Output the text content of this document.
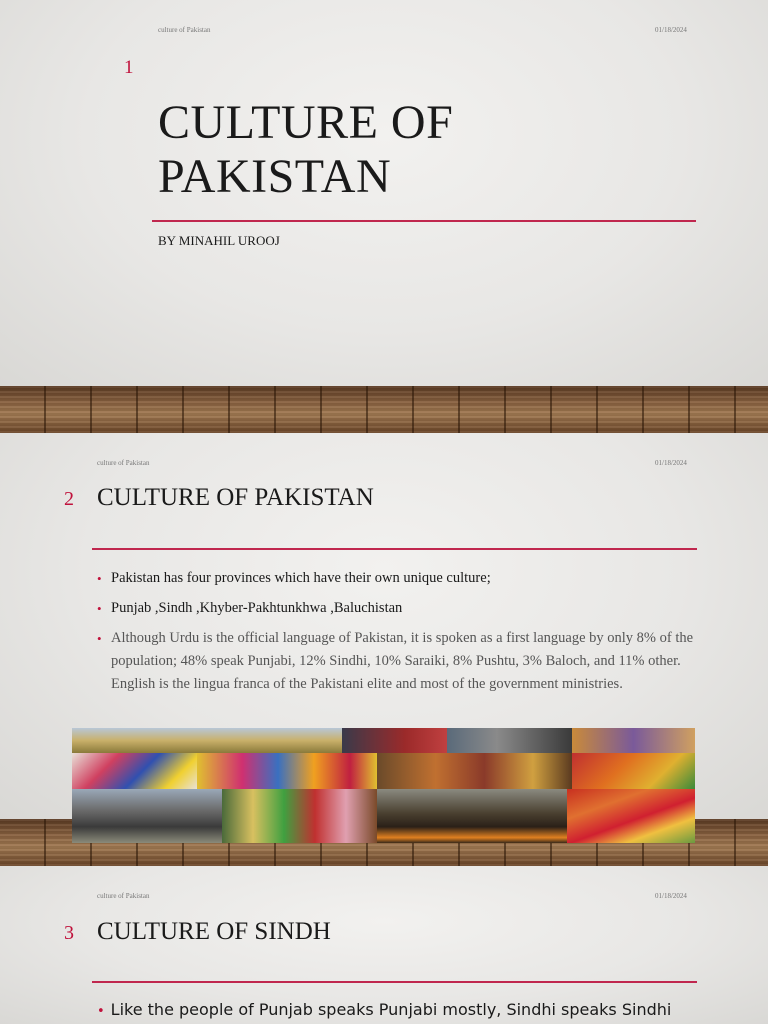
culture of Pakistan	01/18/2024
1
CULTURE OF
PAKISTAN
BY MINAHIL UROOJ
culture of Pakistan	01/18/2024
2 CULTURE OF PAKISTAN
• Pakistan has four provinces which have their own unique culture;
• Punjab ,Sindh ,Khyber-Pakhtunkhwa ,Baluchistan
• Although Urdu is the official language of Pakistan, it is spoken as a first language by only 8% of the population; 48% speak Punjabi, 12% Sindhi, 10% Saraiki, 8% Pushtu, 3% Baloch, and 11% other. English is the lingua franca of the Pakistani elite and most of the government ministries.
culture of Pakistan	01/18/2024
3 CULTURE OF SINDH
• Like the people of Punjab speaks Punjabi mostly, Sindhi speaks Sindhi
